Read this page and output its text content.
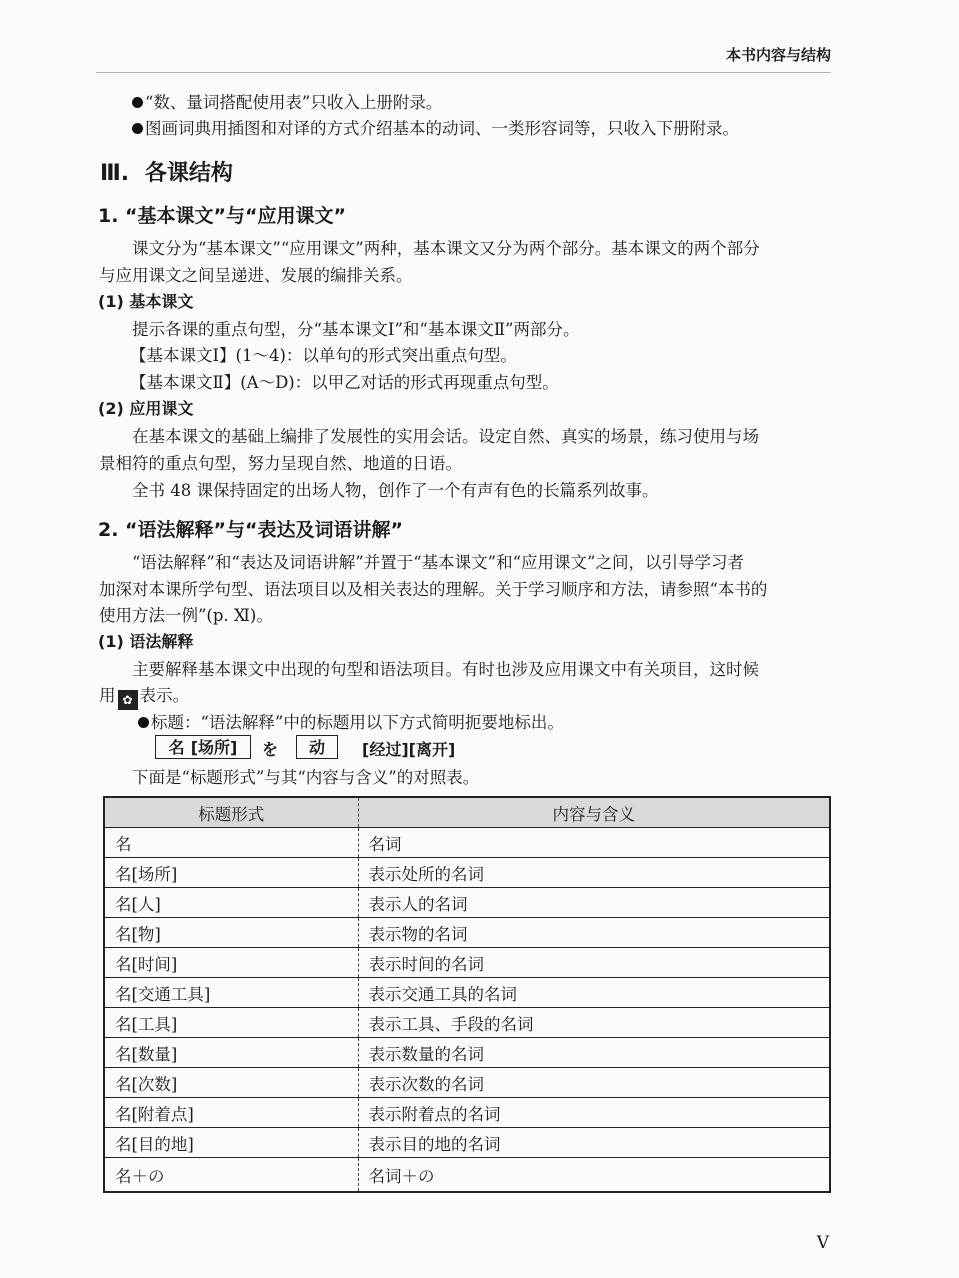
本书内容与结构
“数、量词搭配使用表”只收入上册附录。
图画词典用插图和对译的方式介绍基本的动词、一类形容词等，只收入下册附录。
Ⅲ. 各课结构
1. “基本课文”与“应用课文”
课文分为“基本课文”“应用课文”两种，基本课文又分为两个部分。基本课文的两个部分
与应用课文之间呈递进、发展的编排关系。
(1) 基本课文
提示各课的重点句型，分“基本课文Ⅰ”和“基本课文Ⅱ”两部分。
【基本课文Ⅰ】(1～4)：以单句的形式突出重点句型。
【基本课文Ⅱ】(A～D)：以甲乙对话的形式再现重点句型。
(2) 应用课文
在基本课文的基础上编排了发展性的实用会话。设定自然、真实的场景，练习使用与场
景相符的重点句型，努力呈现自然、地道的日语。
全书 48 课保持固定的出场人物，创作了一个有声有色的长篇系列故事。
2. “语法解释”与“表达及词语讲解”
“语法解释”和“表达及词语讲解”并置于“基本课文”和“应用课文”之间，以引导学习者
加深对本课所学句型、语法项目以及相关表达的理解。关于学习顺序和方法，请参照“本书的
使用方法一例”(p. Ⅺ)。
(1) 语法解释
主要解释基本课文中出现的句型和语法项目。有时也涉及应用课文中有关项目，这时候
用 ✿ 表示。
标题：“语法解释”中的标题用以下方式简明扼要地标出。
名 [场所]	を	动	[经过][离开]
下面是“标题形式”与其“内容与含义”的对照表。
标题形式	内容与含义
名	名词
名[场所]	表示处所的名词
名[人]	表示人的名词
名[物]	表示物的名词
名[时间]	表示时间的名词
名[交通工具]	表示交通工具的名词
名[工具]	表示工具、手段的名词
名[数量]	表示数量的名词
名[次数]	表示次数的名词
名[附着点]	表示附着点的名词
名[目的地]	表示目的地的名词
名＋の	名词＋の
V
